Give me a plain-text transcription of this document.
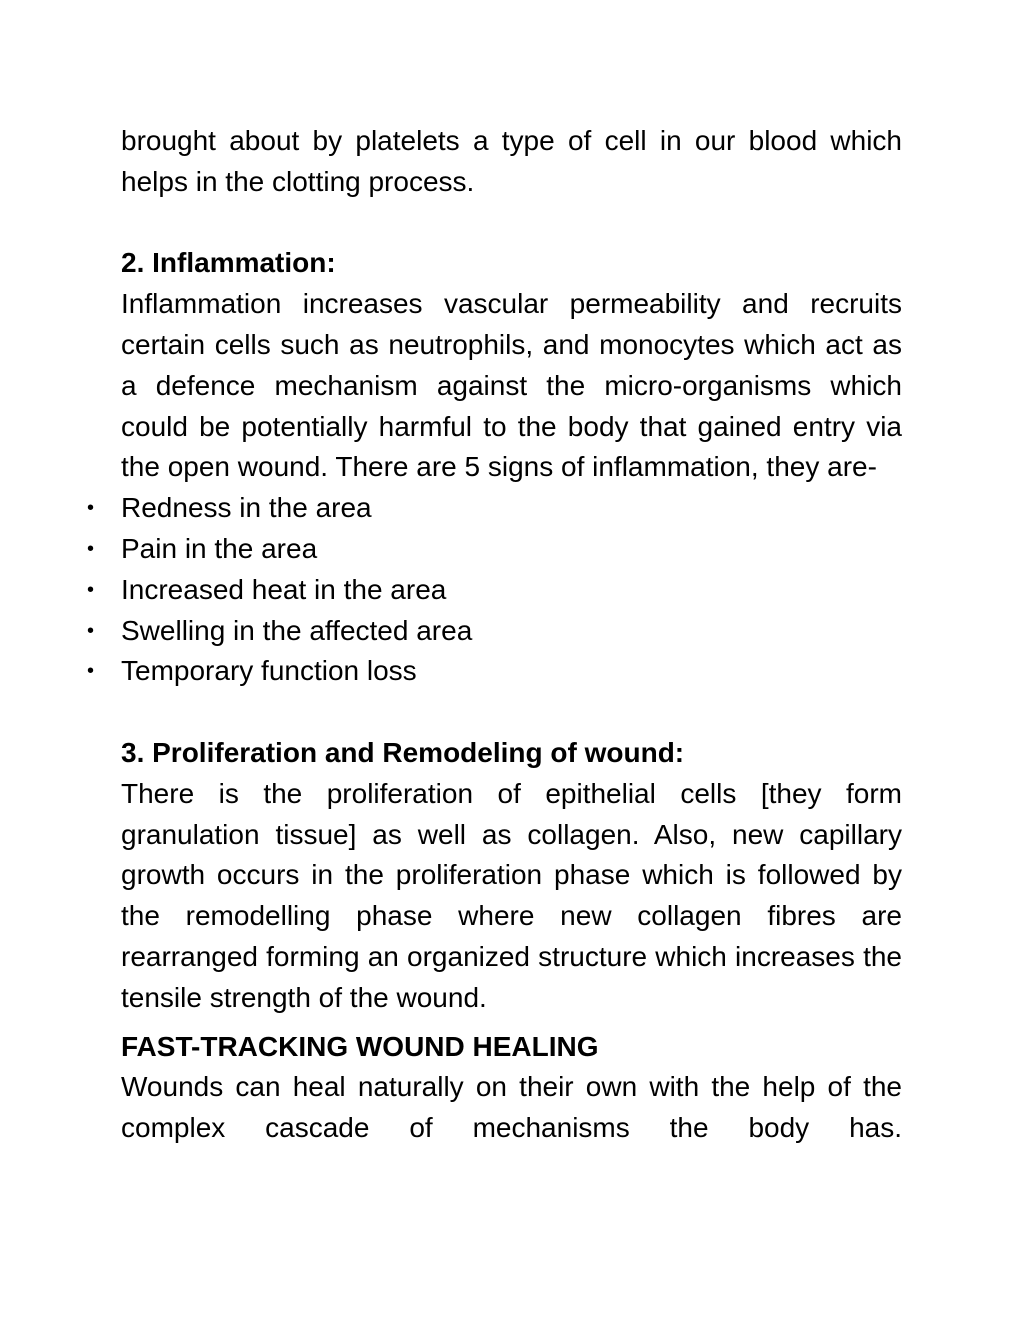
brought about by platelets a type of cell in our blood which helps in the clotting process.

2. Inflammation:

Inflammation increases vascular permeability and recruits certain cells such as neutrophils, and monocytes which act as a defence mechanism against the micro-organisms which could be potentially harmful to the body that gained entry via the open wound. There are 5 signs of inflammation, they are-

• Redness in the area
• Pain in the area
• Increased heat in the area
• Swelling in the affected area
• Temporary function loss

3. Proliferation and Remodeling of wound:

There is the proliferation of epithelial cells [they form granulation tissue] as well as collagen. Also, new capillary growth occurs in the proliferation phase which is followed by the remodelling phase where new collagen fibres are rearranged forming an organized structure which increases the tensile strength of the wound.

FAST-TRACKING WOUND HEALING

Wounds can heal naturally on their own with the help of the complex cascade of mechanisms the body has.
